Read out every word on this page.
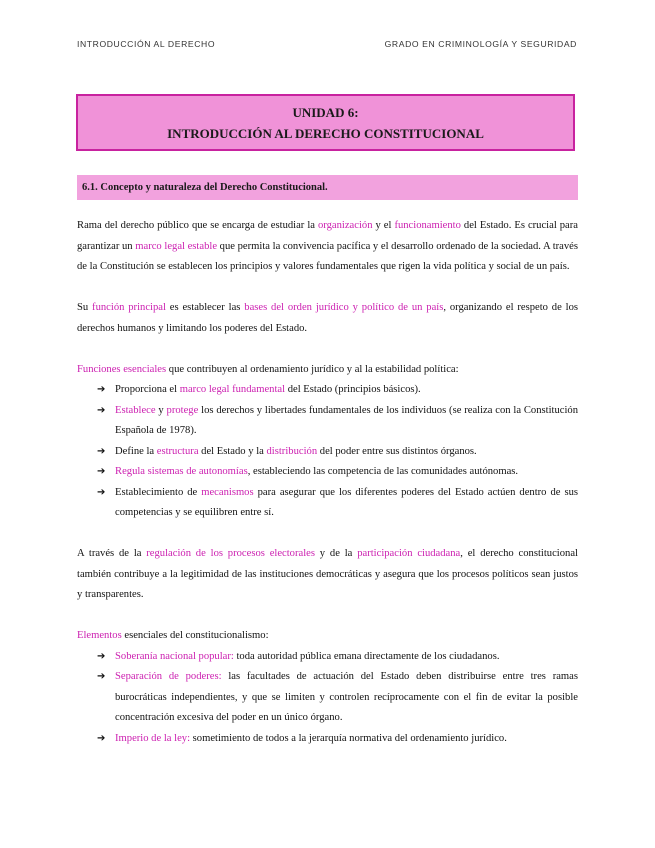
INTRODUCCIÓN AL DERECHO	GRADO EN CRIMINOLOGÍA Y SEGURIDAD
UNIDAD 6:
INTRODUCCIÓN AL DERECHO CONSTITUCIONAL
6.1. Concepto y naturaleza del Derecho Constitucional.

Rama del derecho público que se encarga de estudiar la organización y el funcionamiento del Estado. Es crucial para garantizar un marco legal estable que permita la convivencia pacífica y el desarrollo ordenado de la sociedad. A través de la Constitución se establecen los principios y valores fundamentales que rigen la vida política y social de un país.

Su función principal es establecer las bases del orden jurídico y político de un país, organizando el respeto de los derechos humanos y limitando los poderes del Estado.

Funciones esenciales que contribuyen al ordenamiento jurídico y al la estabilidad política:

➔ Proporciona el marco legal fundamental del Estado (principios básicos).
➔ Establece y protege los derechos y libertades fundamentales de los individuos (se realiza con la Constitución Española de 1978).
➔ Define la estructura del Estado y la distribución del poder entre sus distintos órganos.
➔ Regula sistemas de autonomías, estableciendo las competencia de las comunidades autónomas.
➔ Establecimiento de mecanismos para asegurar que los diferentes poderes del Estado actúen dentro de sus competencias y se equilibren entre sí.

A través de la regulación de los procesos electorales y de la participación ciudadana, el derecho constitucional también contribuye a la legitimidad de las instituciones democráticas y asegura que los procesos políticos sean justos y transparentes.

Elementos esenciales del constitucionalismo:

➔ Soberanía nacional popular: toda autoridad pública emana directamente de los ciudadanos.
➔ Separación de poderes: las facultades de actuación del Estado deben distribuirse entre tres ramas burocráticas independientes, y que se limiten y controlen recíprocamente con el fin de evitar la posible concentración excesiva del poder en un único órgano.
➔ Imperio de la ley: sometimiento de todos a la jerarquía normativa del ordenamiento jurídico.
